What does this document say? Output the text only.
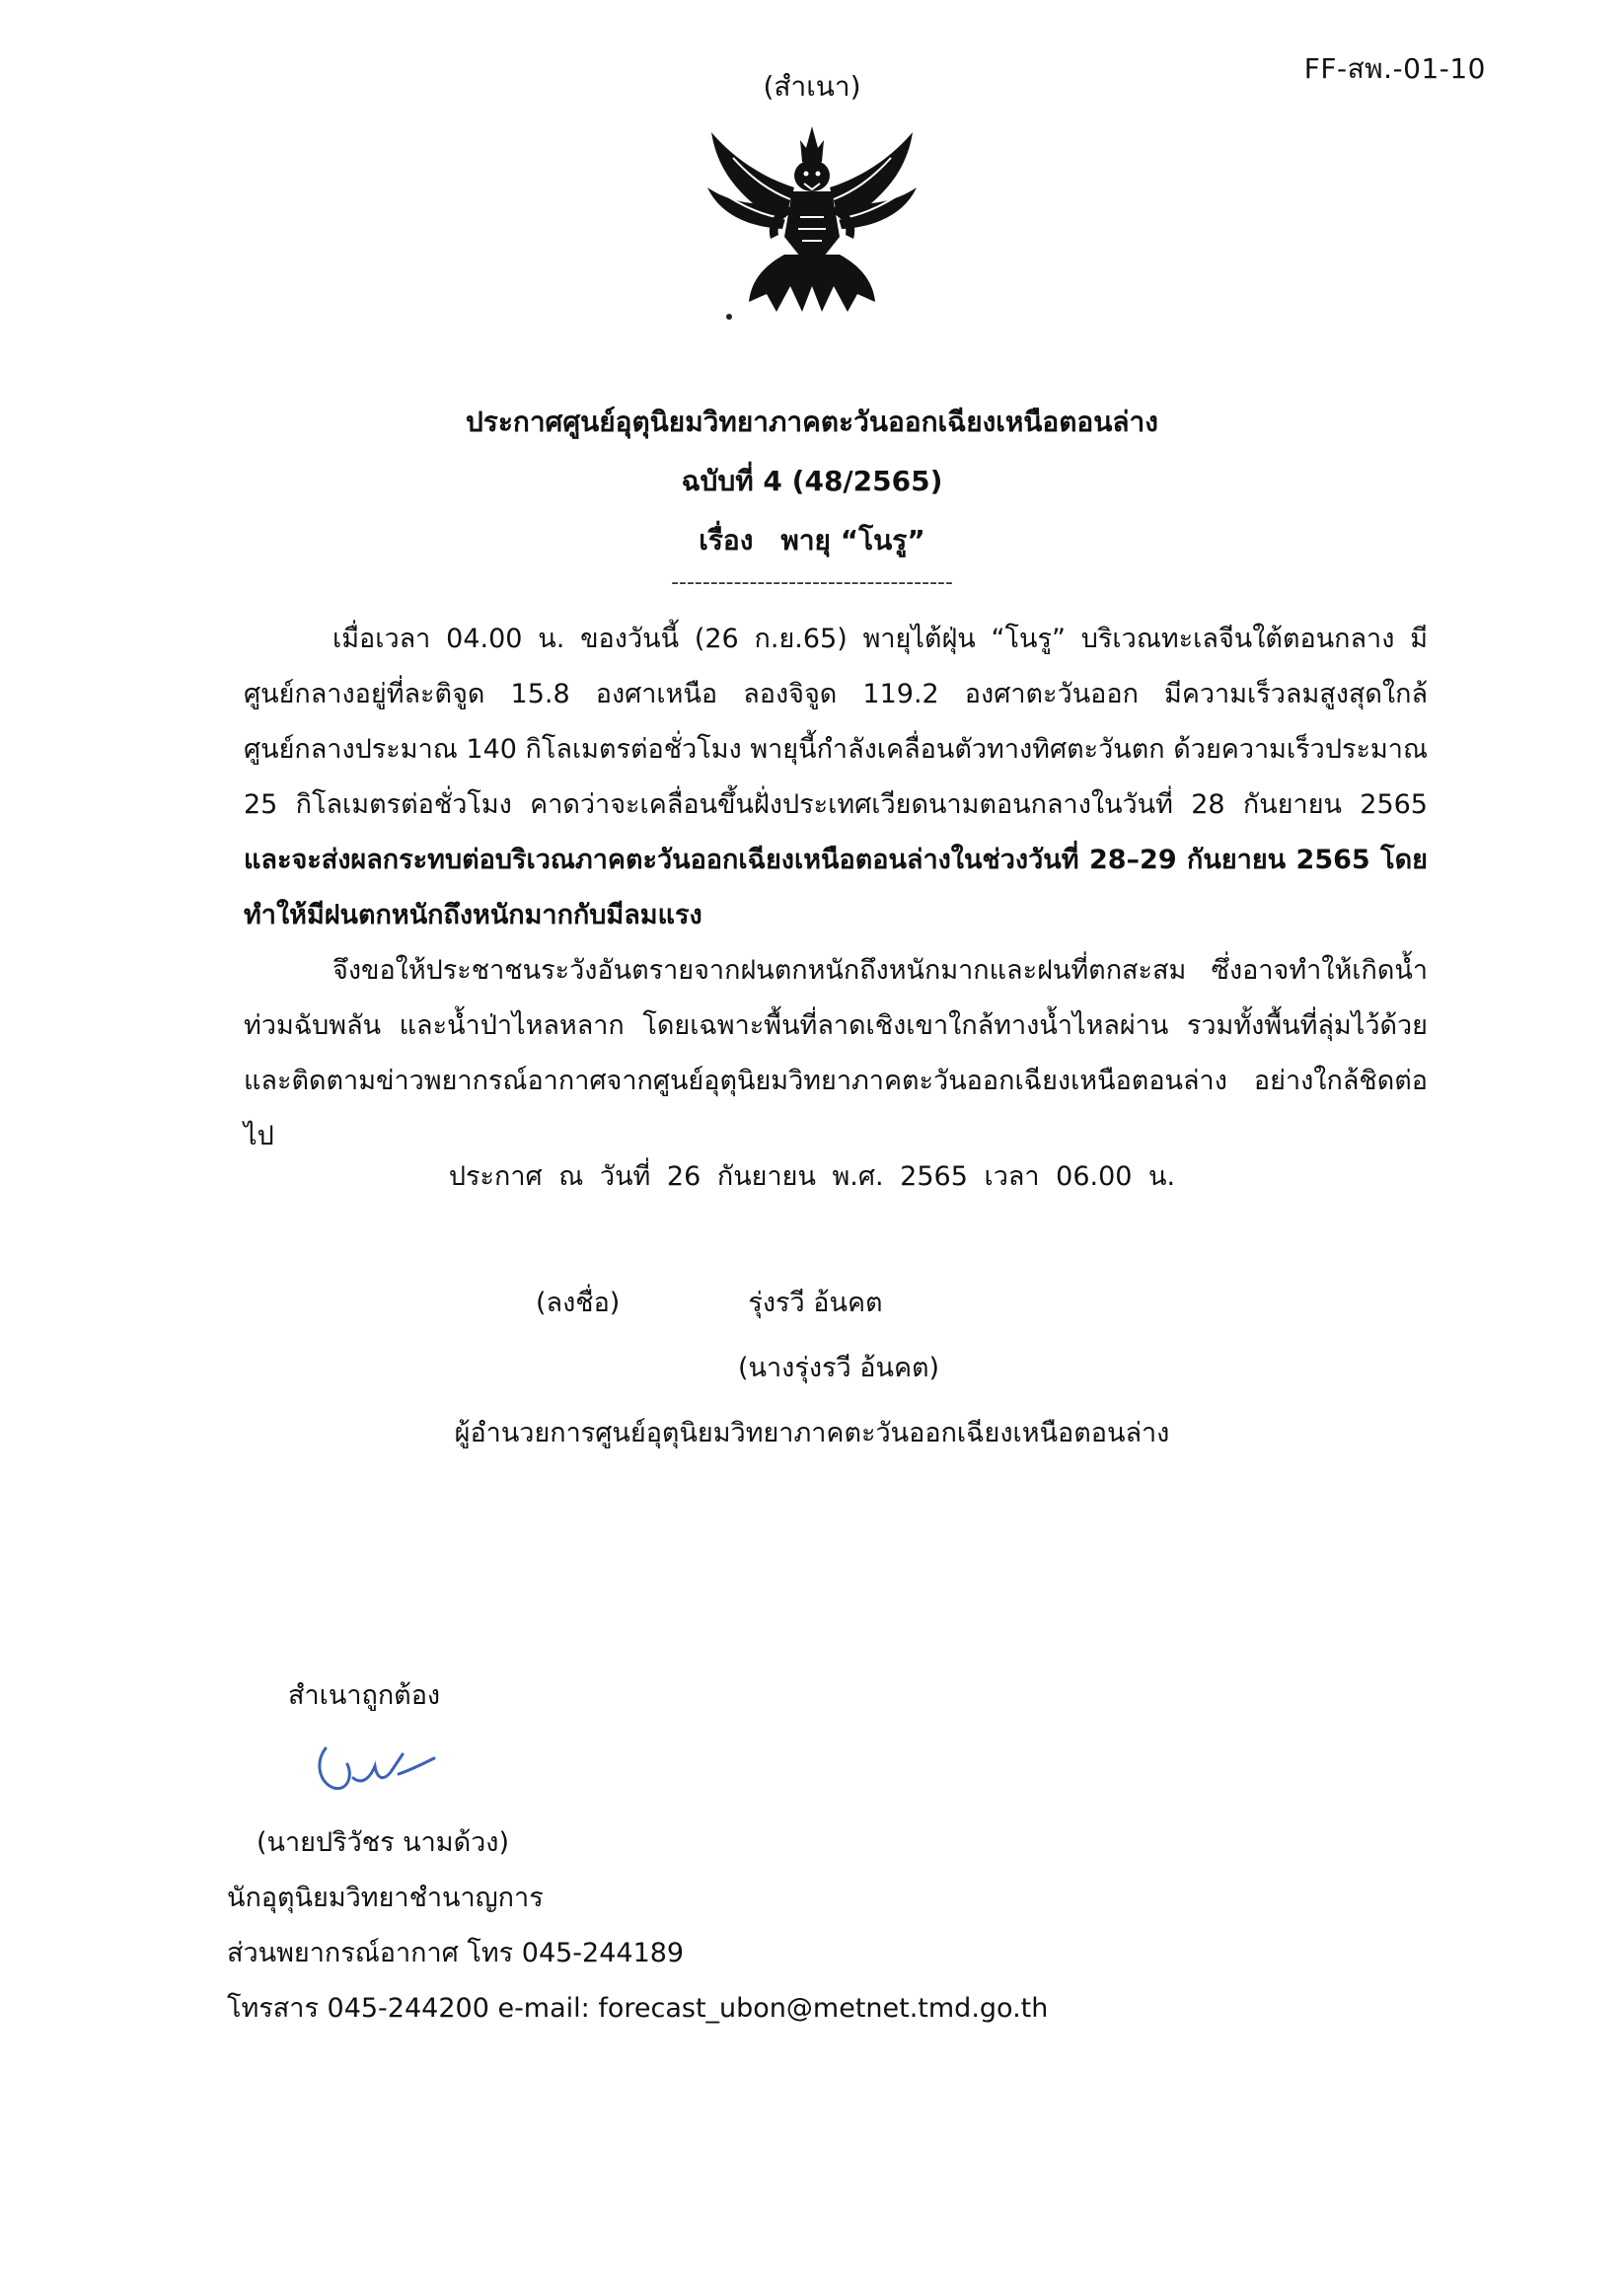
FF-สพ.-01-10
(สำเนา)
ประกาศศูนย์อุตุนิยมวิทยาภาคตะวันออกเฉียงเหนือตอนล่าง
ฉบับที่ 4 (48/2565)
เรื่อง พายุ “โนรู”
------------------------------------

เมื่อเวลา 04.00 น. ของวันนี้ (26 ก.ย.65) พายุไต้ฝุ่น “โนรู” บริเวณทะเลจีนใต้ตอนกลาง มีศูนย์กลางอยู่ที่ละติจูด 15.8 องศาเหนือ ลองจิจูด 119.2 องศาตะวันออก มีความเร็วลมสูงสุดใกล้ศูนย์กลางประมาณ 140 กิโลเมตรต่อชั่วโมง พายุนี้กำลังเคลื่อนตัวทางทิศตะวันตก ด้วยความเร็วประมาณ 25 กิโลเมตรต่อชั่วโมง คาดว่าจะเคลื่อนขึ้นฝั่งประเทศเวียดนามตอนกลางในวันที่ 28 กันยายน 2565 และจะส่งผลกระทบต่อบริเวณภาคตะวันออกเฉียงเหนือตอนล่างในช่วงวันที่ 28–29 กันยายน 2565 โดยทำให้มีฝนตกหนักถึงหนักมากกับมีลมแรง

จึงขอให้ประชาชนระวังอันตรายจากฝนตกหนักถึงหนักมากและฝนที่ตกสะสม ซึ่งอาจทำให้เกิดน้ำท่วมฉับพลัน และน้ำป่าไหลหลาก โดยเฉพาะพื้นที่ลาดเชิงเขาใกล้ทางน้ำไหลผ่าน รวมทั้งพื้นที่ลุ่มไว้ด้วย และติดตามข่าวพยากรณ์อากาศจากศูนย์อุตุนิยมวิทยาภาคตะวันออกเฉียงเหนือตอนล่าง อย่างใกล้ชิดต่อไป

ประกาศ ณ วันที่ 26 กันยายน พ.ศ. 2565 เวลา 06.00 น.
(ลงชื่อ)	รุ่งรวี อ้นคต
(นางรุ่งรวี อ้นคต)
ผู้อำนวยการศูนย์อุตุนิยมวิทยาภาคตะวันออกเฉียงเหนือตอนล่าง
สำเนาถูกต้อง
(นายปริวัชร นามด้วง)
นักอุตุนิยมวิทยาชำนาญการ
ส่วนพยากรณ์อากาศ โทร 045-244189
โทรสาร 045-244200 e-mail: forecast_ubon@metnet.tmd.go.th
